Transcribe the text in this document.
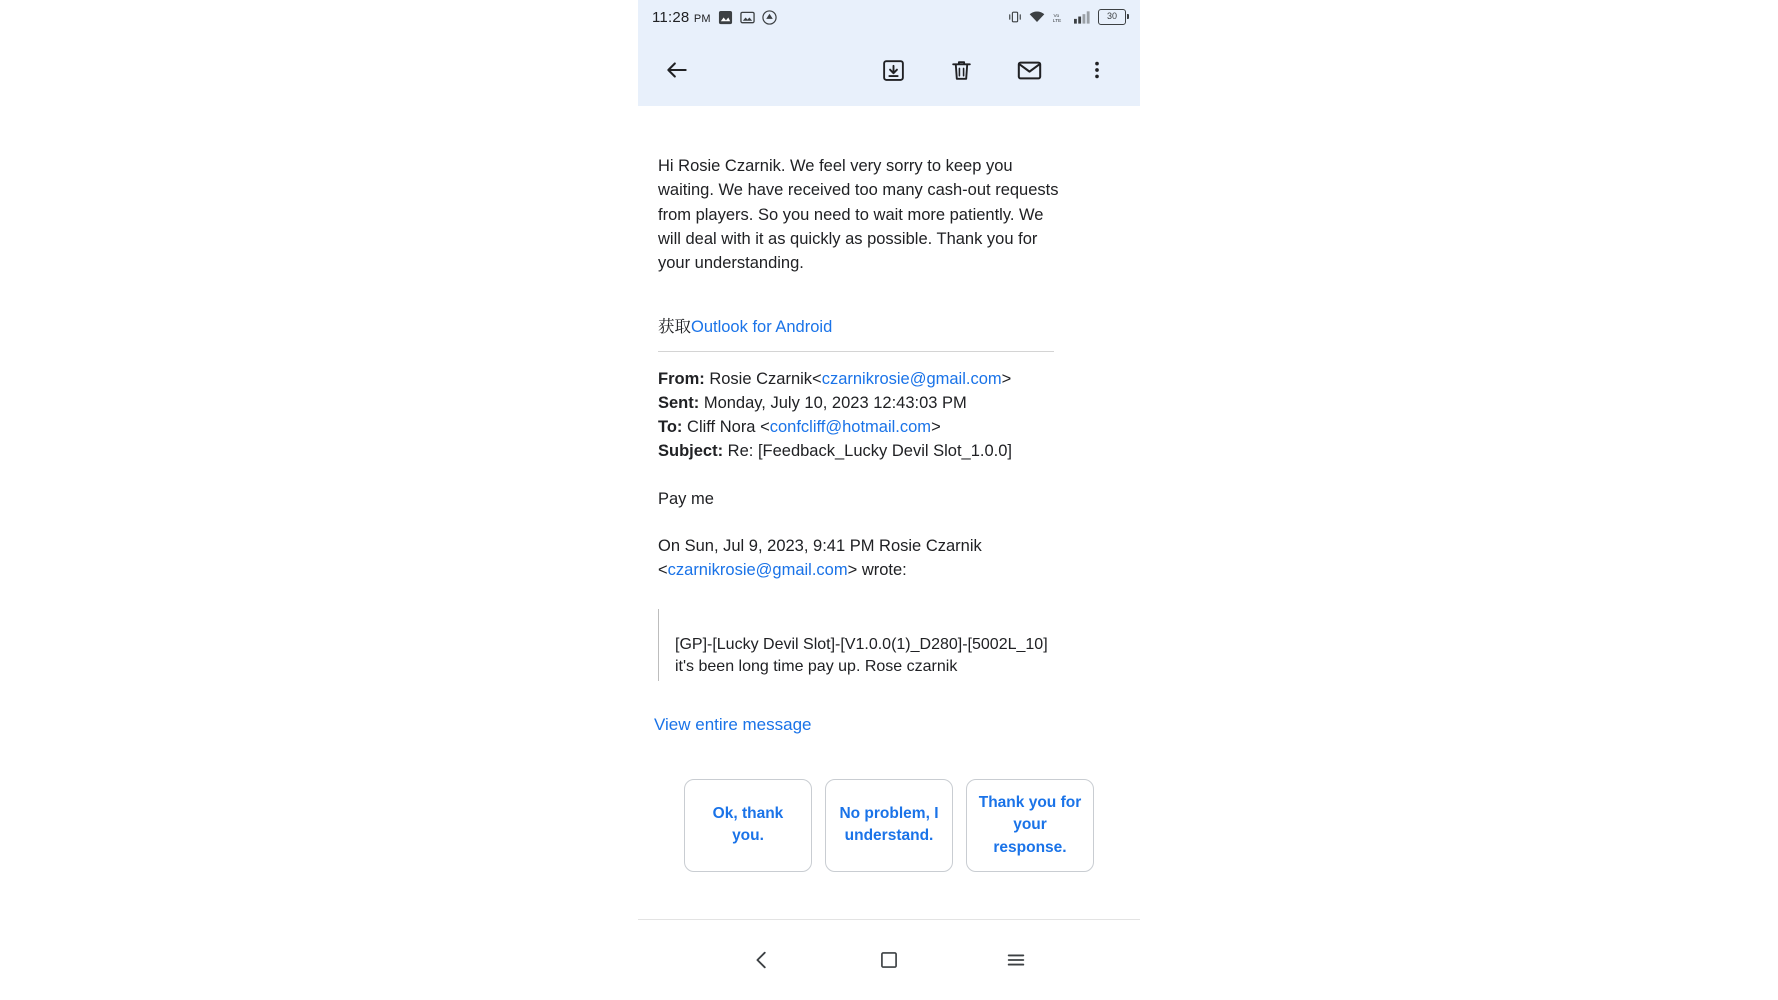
11:28 PM	Vo
LTE	30
Hi Rosie Czarnik. We feel very sorry to keep you waiting. We have received too many cash-out requests from players. So you need to wait more patiently. We will deal with it as quickly as possible. Thank you for your understanding.
获取Outlook for Android
From: Rosie Czarnik<czarnikrosie@gmail.com>
Sent: Monday, July 10, 2023 12:43:03 PM
To: Cliff Nora <confcliff@hotmail.com>
Subject: Re: [Feedback_Lucky Devil Slot_1.0.0]
Pay me
On Sun, Jul 9, 2023, 9:41 PM Rosie Czarnik <czarnikrosie@gmail.com> wrote:
[GP]-[Lucky Devil Slot]-[V1.0.0(1)_D280]-[5002L_10]
it's been long time pay up. Rose czarnik
View entire message
Ok, thank you.
No problem, I understand.
Thank you for your response.
